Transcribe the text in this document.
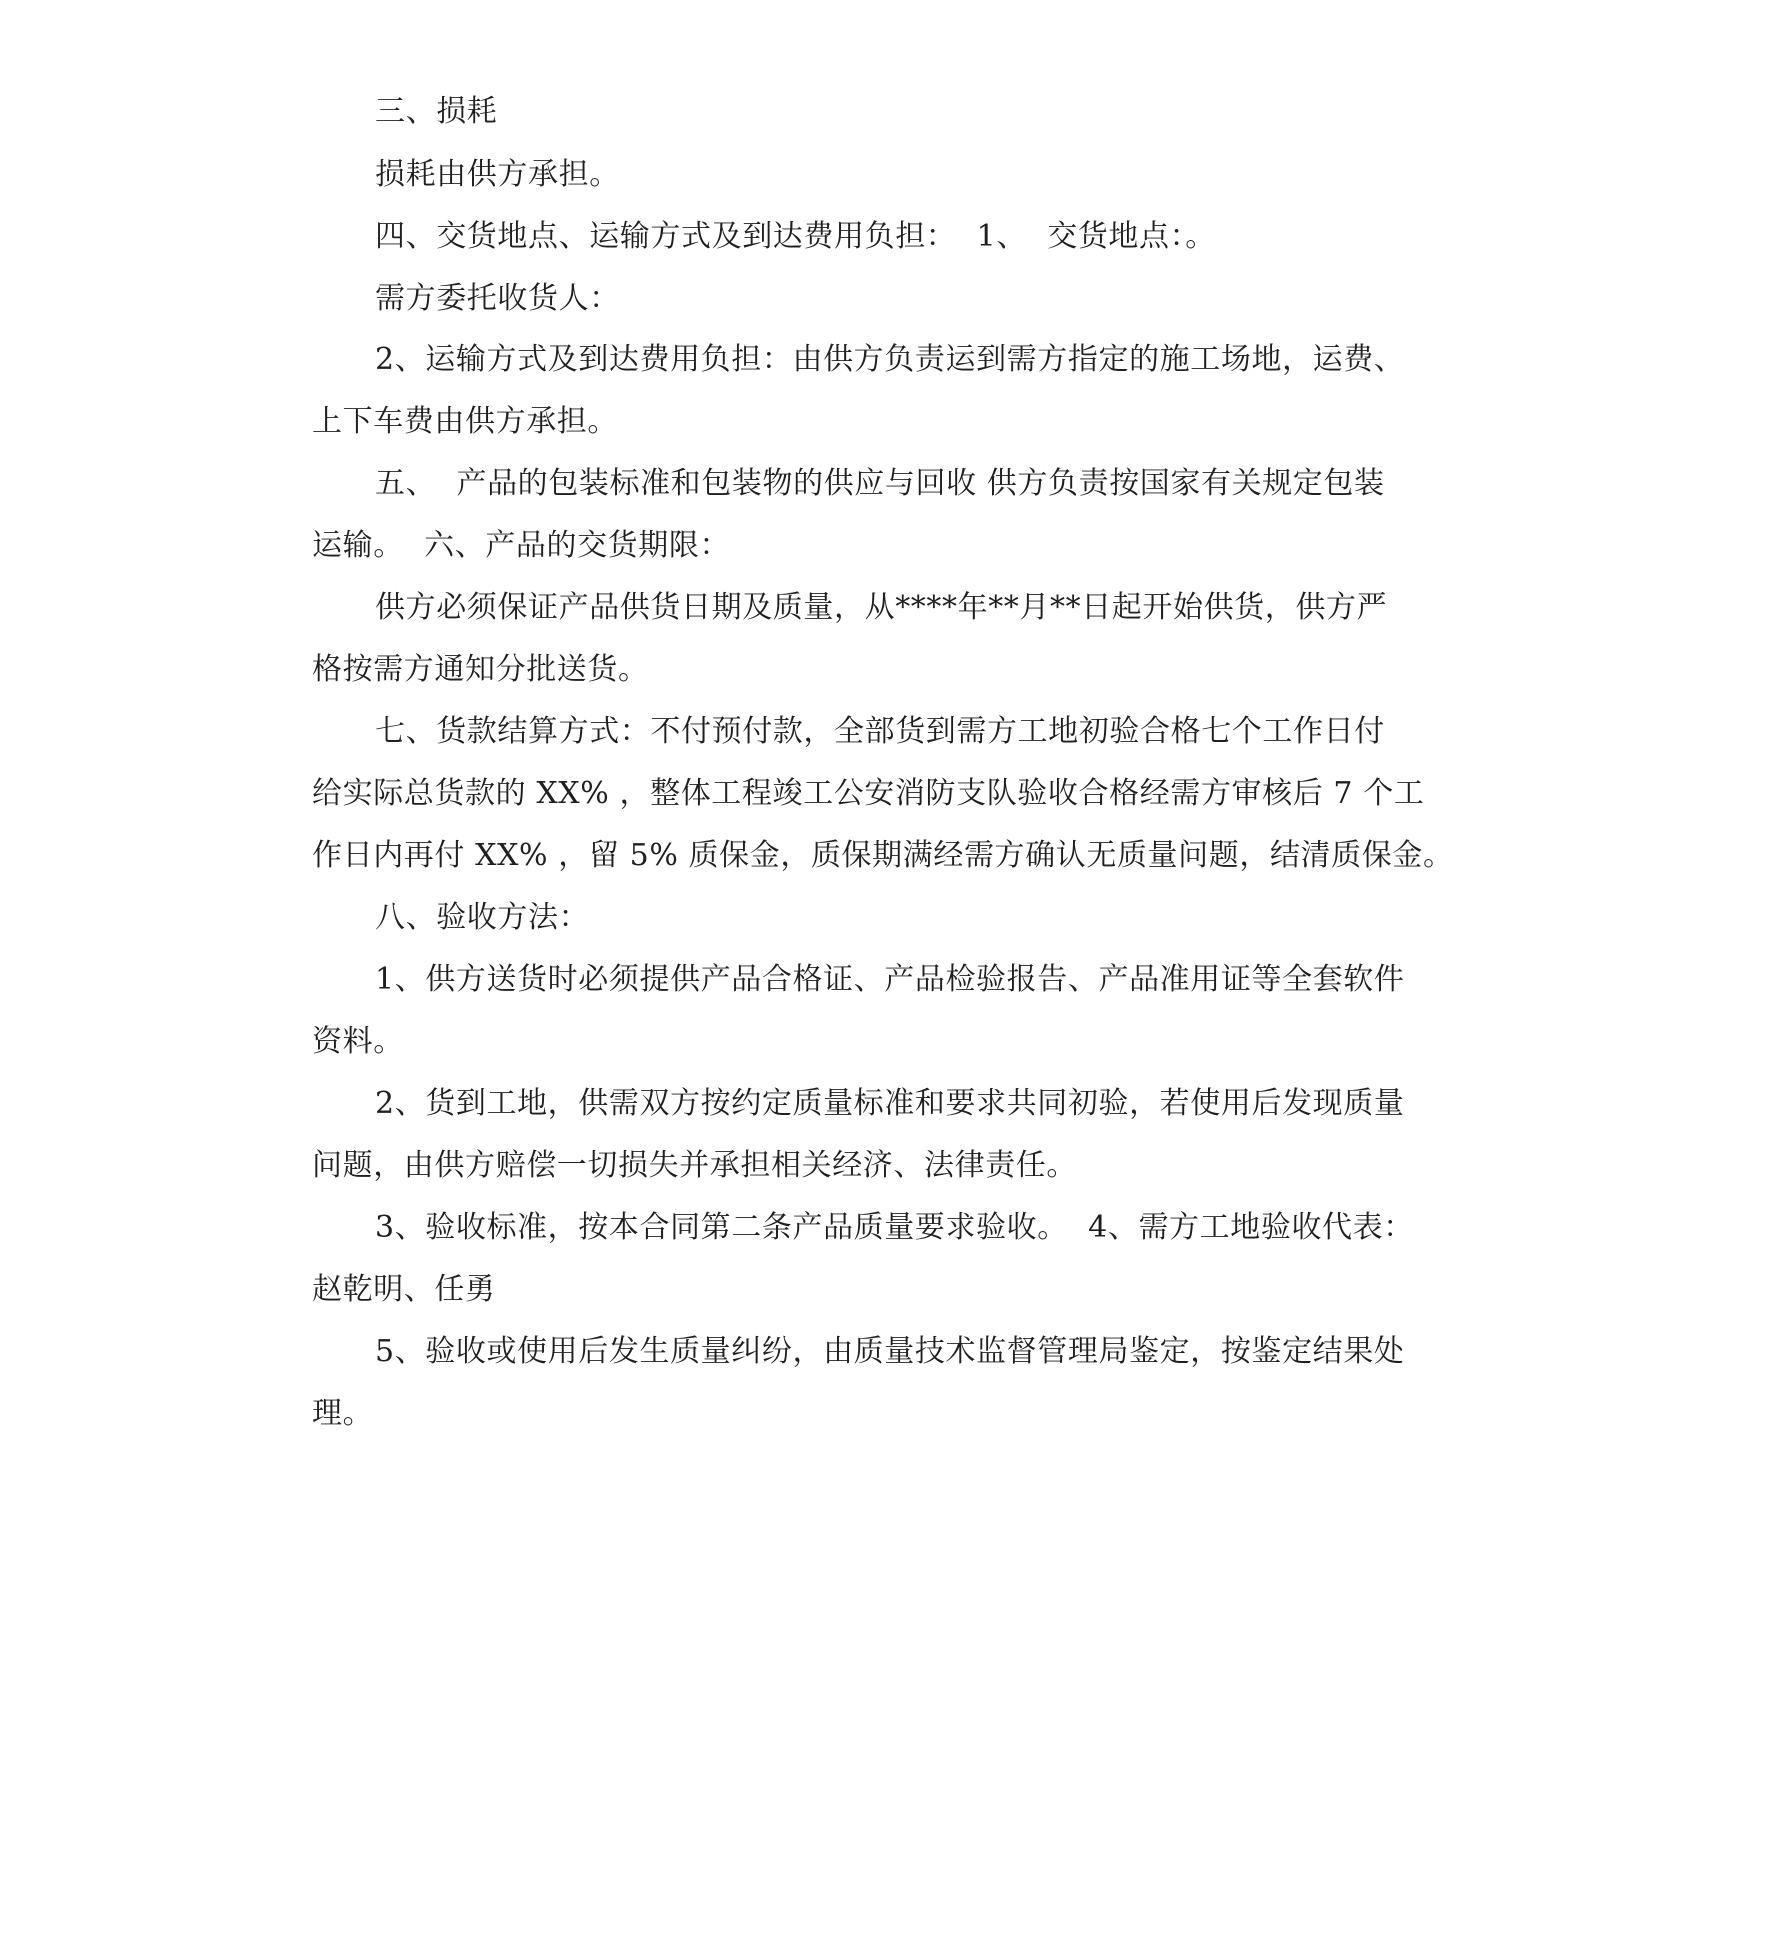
三、损耗
损耗由供方承担。
四、交货地点、运输方式及到达费用负担：  1、  交货地点：。
需方委托收货人：
2、运输方式及到达费用负担：由供方负责运到需方指定的施工场地，运费、
上下车费由供方承担。
五、  产品的包装标准和包装物的供应与回收 供方负责按国家有关规定包装
运输。  六、产品的交货期限：
供方必须保证产品供货日期及质量，从****年**月**日起开始供货，供方严
格按需方通知分批送货。
七、货款结算方式：不付预付款，全部货到需方工地初验合格七个工作日付
给实际总货款的 XX% ，整体工程竣工公安消防支队验收合格经需方审核后 7 个工
作日内再付 XX% ，留 5% 质保金，质保期满经需方确认无质量问题，结清质保金。
八、验收方法：
1、供方送货时必须提供产品合格证、产品检验报告、产品准用证等全套软件
资料。
2、货到工地，供需双方按约定质量标准和要求共同初验，若使用后发现质量
问题，由供方赔偿一切损失并承担相关经济、法律责任。
3、验收标准，按本合同第二条产品质量要求验收。  4、需方工地验收代表：
赵乾明、任勇
5、验收或使用后发生质量纠纷，由质量技术监督管理局鉴定，按鉴定结果处
理。
